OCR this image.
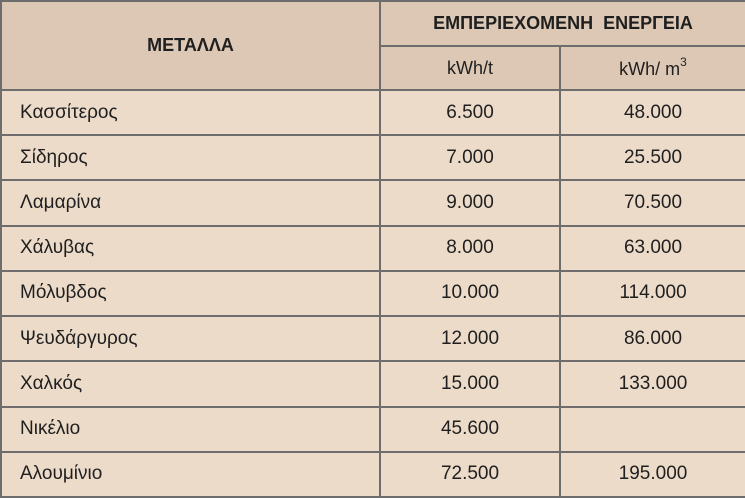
ΜΕΤΑΛΛΑ	ΕΜΠΕΡΙΕΧΟΜΕΝΗ  ΕΝΕΡΓΕΙΑ	
	kWh/t	kWh/ $m^3$
Κασσίτερος	6.500	48.000
Σίδηρος	7.000	25.500
Λαμαρίνα	9.000	70.500
Χάλυβας	8.000	63.000
Μόλυβδος	10.000	114.000
Ψευδάργυρος	12.000	86.000
Χαλκός	15.000	133.000
Νικέλιο	45.600	
Αλουμίνιο	72.500	195.000
